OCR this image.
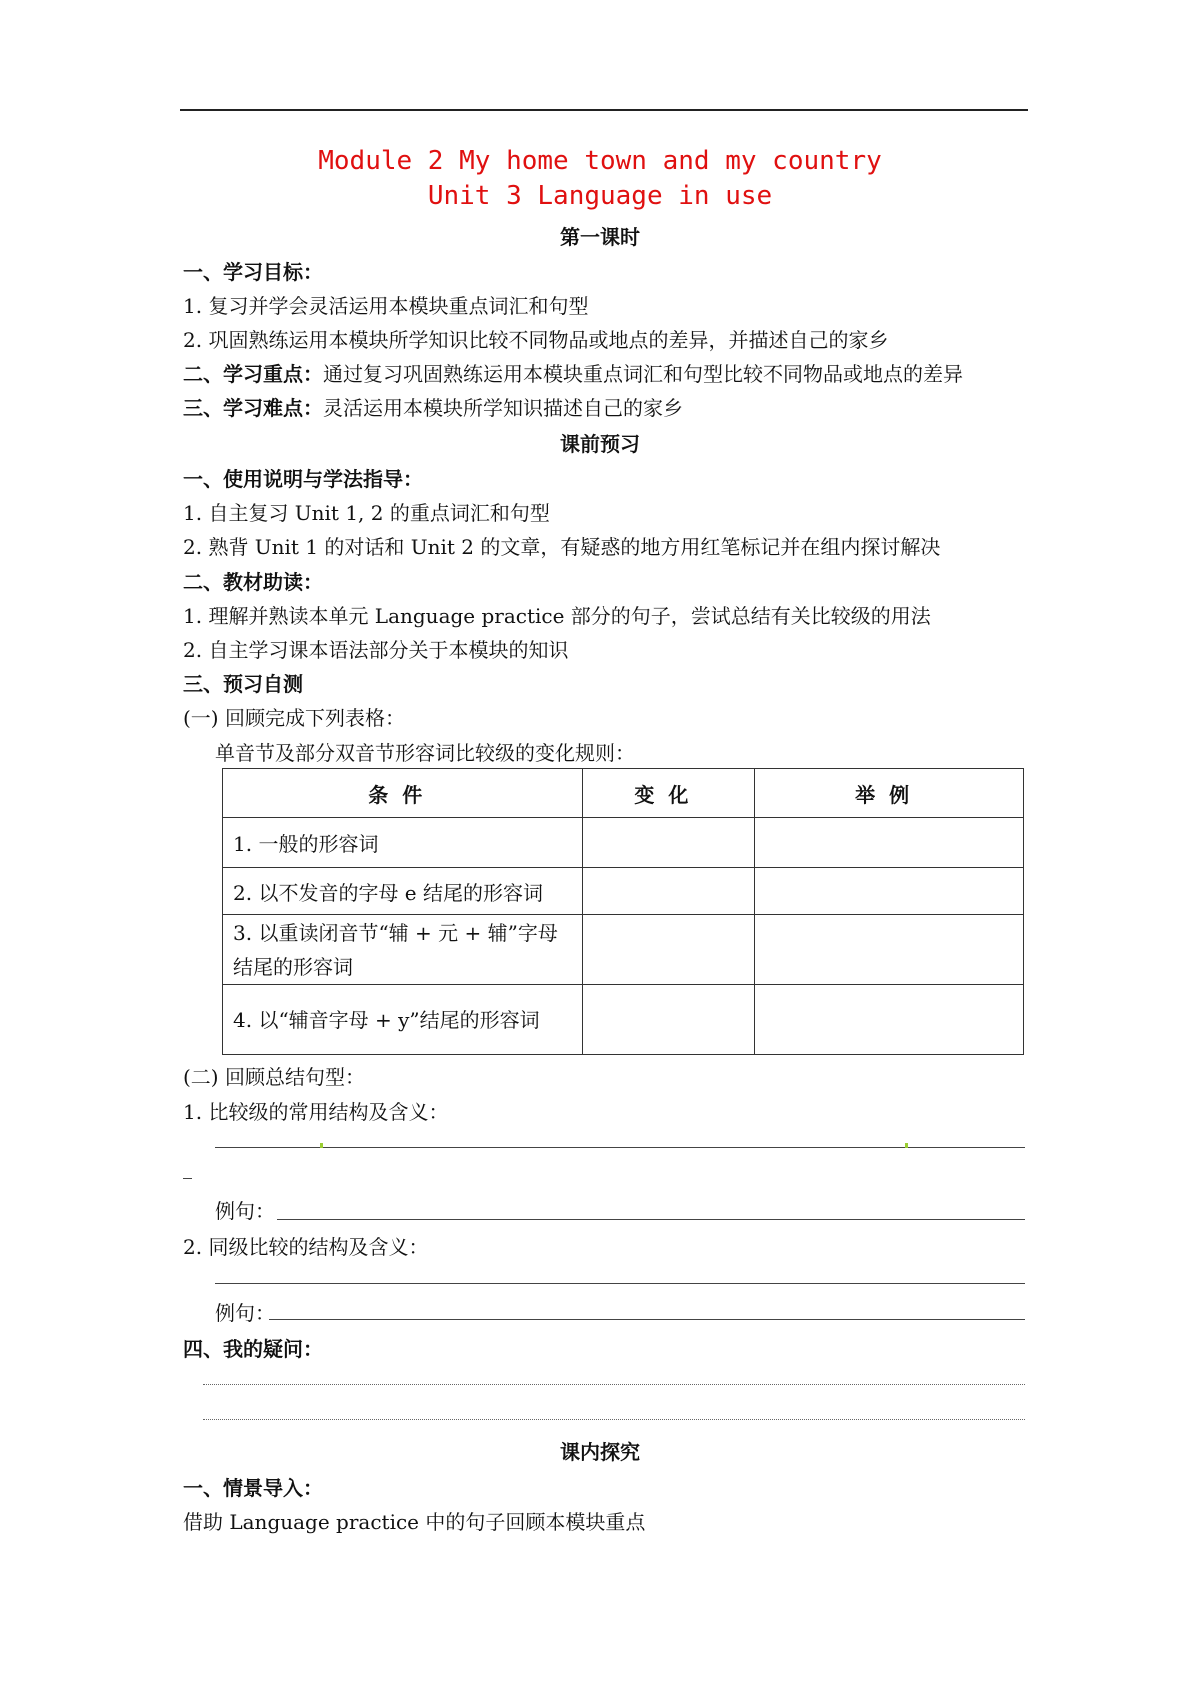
Module 2 My home town and my country
Unit 3 Language in use
第一课时
一、学习目标：
1. 复习并学会灵活运用本模块重点词汇和句型
2. 巩固熟练运用本模块所学知识比较不同物品或地点的差异，并描述自己的家乡
二、学习重点：通过复习巩固熟练运用本模块重点词汇和句型比较不同物品或地点的差异
三、学习难点：灵活运用本模块所学知识描述自己的家乡
课前预习
一、使用说明与学法指导：
1. 自主复习 Unit 1, 2 的重点词汇和句型
2. 熟背 Unit 1 的对话和 Unit 2 的文章，有疑惑的地方用红笔标记并在组内探讨解决
二、教材助读：
1. 理解并熟读本单元 Language practice 部分的句子，尝试总结有关比较级的用法
2. 自主学习课本语法部分关于本模块的知识
三、预习自测
(一) 回顾完成下列表格：
单音节及部分双音节形容词比较级的变化规则：
条件	变化	举例
1. 一般的形容词		
2. 以不发音的字母 e 结尾的形容词		
3. 以重读闭音节“辅 + 元 + 辅”字母结尾的形容词		
4. 以“辅音字母 + y”结尾的形容词		
(二) 回顾总结句型：
1. 比较级的常用结构及含义：
例句：
2. 同级比较的结构及含义：
例句：
四、我的疑问：
课内探究
一、情景导入：
借助 Language practice 中的句子回顾本模块重点
